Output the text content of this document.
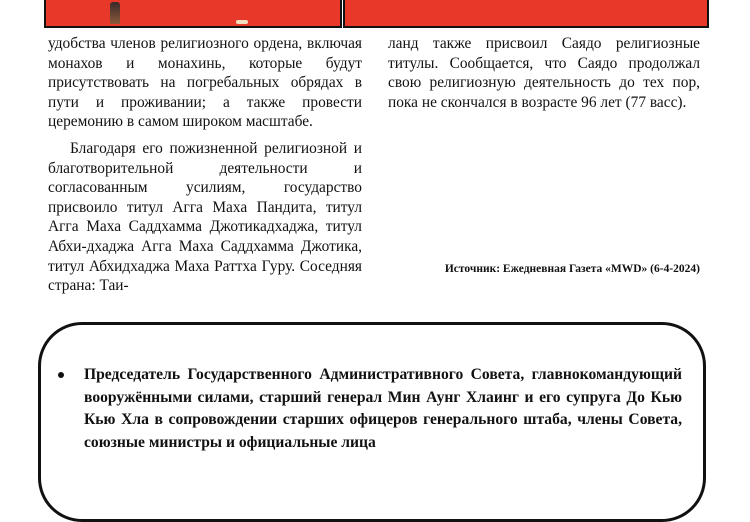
удобства членов религиозного ордена, включая монахов и монахинь, которые будут присутствовать на погребальных обрядах в пути и проживании; а также провести церемонию в самом широком масштабе.

Благодаря его пожизненной религиозной и благотворительной деятельности и согласованным усилиям, государство присвоило титул Агга Маха Пандита, титул Агга Маха Саддхамма Джотикадхаджа, титул Абхи-дхаджа Агга Маха Саддхамма Джотика, титул Абхидхаджа Маха Раттха Гуру. Соседняя страна: Таи-

ланд также присвоил Саядо религиозные титулы. Сообщается, что Саядо продолжал свою религиозную деятельность до тех пор, пока не скончался в возрасте 96 лет (77 васс).

Источник: Ежедневная Газета «MWD» (6-4-2024)
Председатель Государственного Административного Совета, главнокомандующий вооружёнными силами, старший генерал Мин Аунг Хлаинг и его супруга До Кью Кью Хла в сопровождении старших офицеров генерального штаба, члены Совета, союзные министры и официальные лица
